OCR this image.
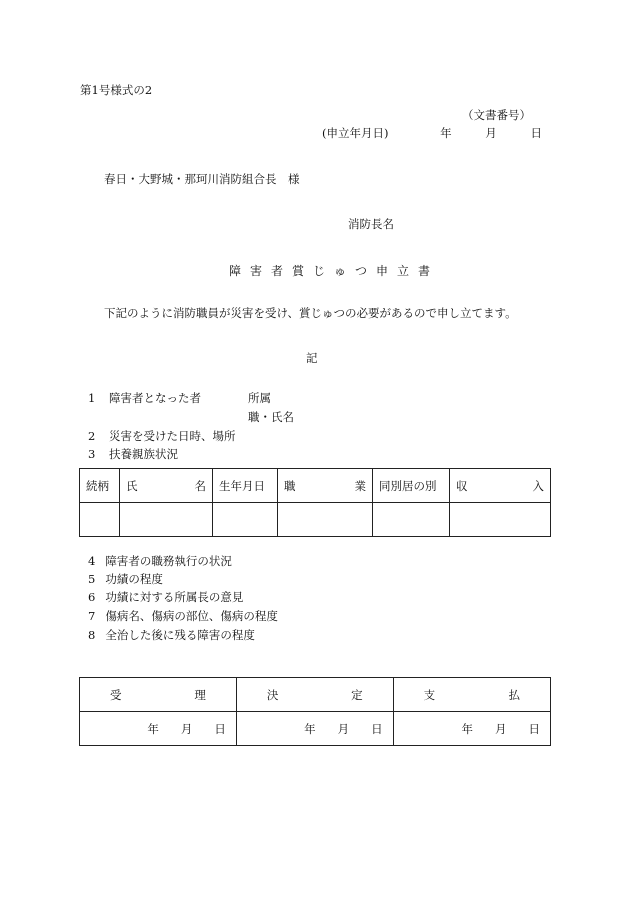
第1号様式の2
（文書番号）
(申立年月日)	年	月	日
春日・大野城・那珂川消防組合長　様
消防長名
障害者賞じゅつ申立書
下記のように消防職員が災害を受け、賞じゅつの必要があるので申し立てます。
記
1 障害者となった者	所属
職・氏名
2 災害を受けた日時、場所
3 扶養親族状況
続柄	氏 名	生年月日	職 業	同別居の別	収 入

4 障害者の職務執行の状況
5 功績の程度
6 功績に対する所属長の意見
7 傷病名、傷病の部位、傷病の程度
8 全治した後に残る障害の程度
受 理	決 定	支 払

年 月 日	年 月 日	年 月 日
